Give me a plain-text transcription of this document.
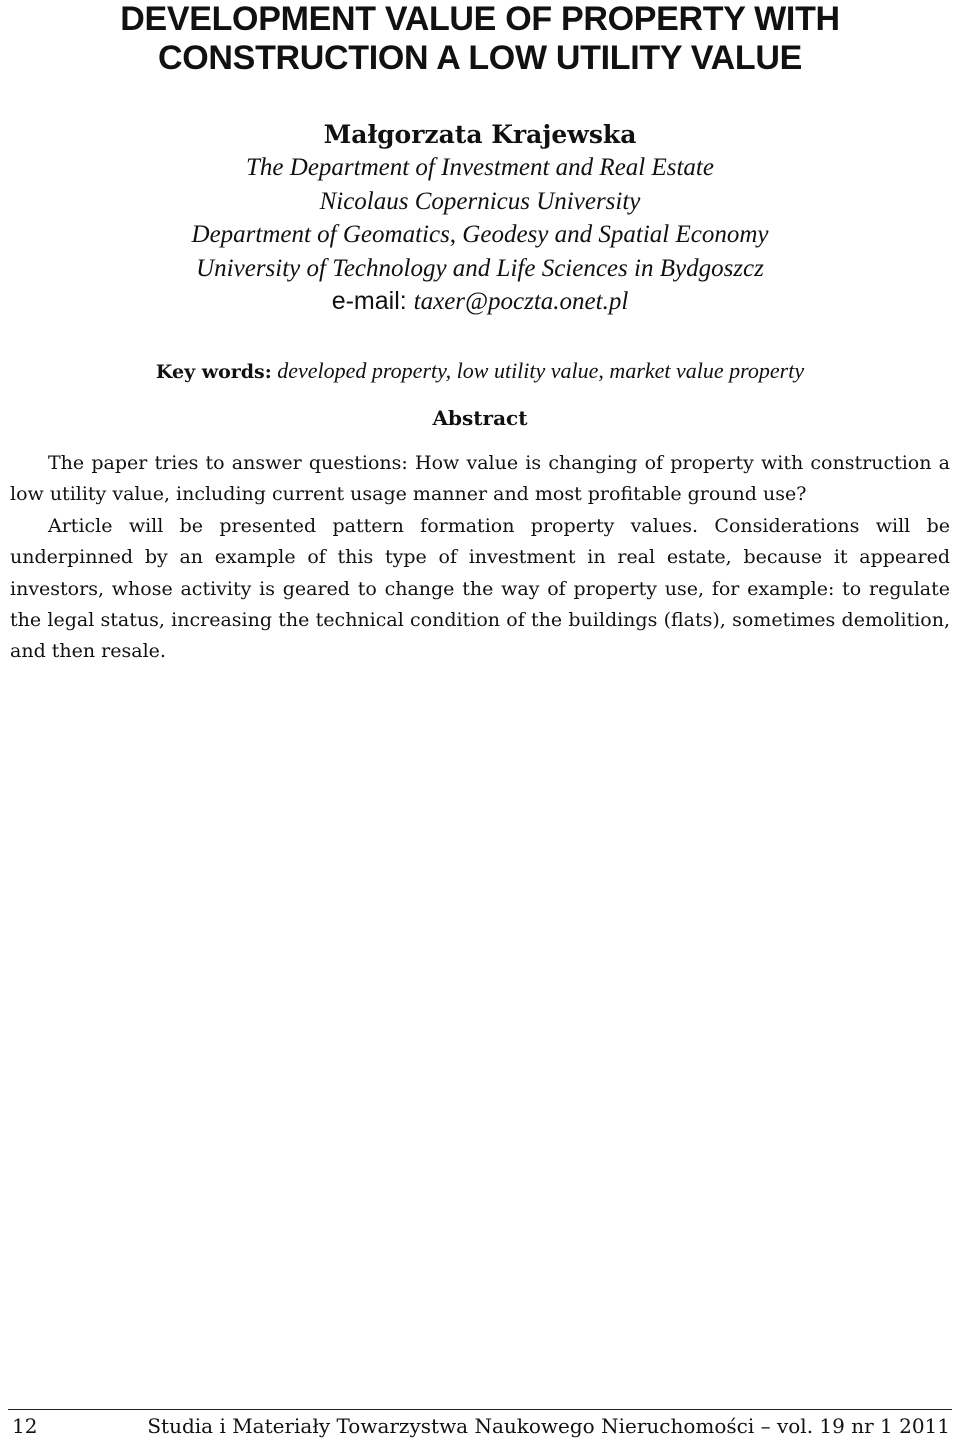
DEVELOPMENT VALUE OF PROPERTY WITH
CONSTRUCTION A LOW UTILITY VALUE
Małgorzata Krajewska
The Department of Investment and Real Estate
Nicolaus Copernicus University
Department of Geomatics, Geodesy and Spatial Economy
University of Technology and Life Sciences in Bydgoszcz
e-mail: taxer@poczta.onet.pl
Key words: developed property, low utility value, market value property
Abstract

The paper tries to answer questions: How value is changing of property with construction a low utility value, including current usage manner and most profitable ground use?

Article will be presented pattern formation property values. Considerations will be underpinned by an example of this type of investment in real estate, because it appeared investors, whose activity is geared to change the way of property use, for example: to regulate the legal status, increasing the technical condition of the buildings (flats), sometimes demolition, and then resale.

12	Studia i Materiały Towarzystwa Naukowego Nieruchomości – vol. 19 nr 1 2011
